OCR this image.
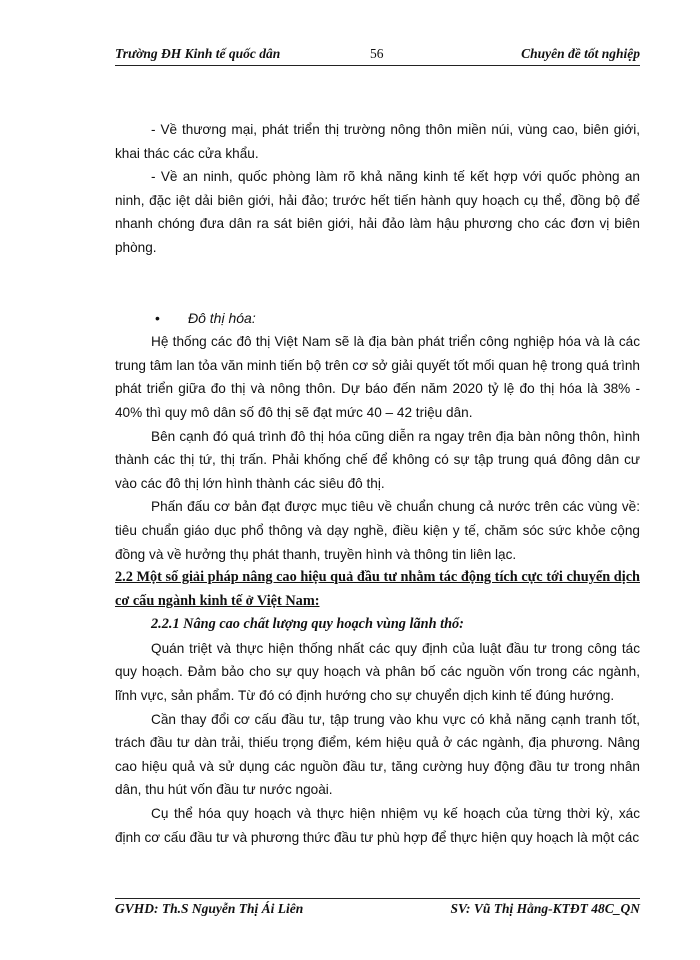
Trường ĐH Kinh tế quốc dân	56	Chuyên đề tốt nghiệp

- Về thương mại, phát triển thị trường nông thôn miền núi, vùng cao, biên giới, khai thác các cửa khẩu.

- Về an ninh, quốc phòng làm rõ khả năng kinh tế kết hợp với quốc phòng an ninh, đặc iệt dải biên giới, hải đảo; trước hết tiến hành quy hoạch cụ thể, đồng bộ để nhanh chóng đưa dân ra sát biên giới, hải đảo làm hậu phương cho các đơn vị biên phòng.

• Đô thị hóa:

Hệ thống các đô thị Việt Nam sẽ là địa bàn phát triển công nghiệp hóa và là các trung tâm lan tỏa văn minh tiến bộ trên cơ sở giải quyết tốt mối quan hệ trong quá trình phát triển giữa đo thị và nông thôn. Dự báo đến năm 2020 tỷ lệ đo thị hóa là 38% - 40% thì quy mô dân số đô thị sẽ đạt mức 40 – 42 triệu dân.

Bên cạnh đó quá trình đô thị hóa cũng diễn ra ngay trên địa bàn nông thôn, hình thành các thị tứ, thị trấn. Phải khống chế để không có sự tập trung quá đông dân cư vào các đô thị lớn hình thành các siêu đô thị.

Phấn đấu cơ bản đạt được mục tiêu về chuẩn chung cả nước trên các vùng về: tiêu chuẩn giáo dục phổ thông và dạy nghề, điều kiện y tế, chăm sóc sức khỏe cộng đồng và về hưởng thụ phát thanh, truyền hình và thông tin liên lạc.

2.2 Một số giải pháp nâng cao hiệu quả đầu tư nhằm tác động tích cực tới chuyển dịch cơ cấu ngành kinh tế ở Việt Nam:

2.2.1 Nâng cao chất lượng quy hoạch vùng lãnh thổ:

Quán triệt và thực hiện thống nhất các quy định của luật đầu tư trong công tác quy hoạch. Đảm bảo cho sự quy hoạch và phân bố các nguồn vốn trong các ngành, lĩnh vực, sản phẩm. Từ đó có định hướng cho sự chuyển dịch kinh tế đúng hướng.

Cần thay đổi cơ cấu đầu tư, tập trung vào khu vực có khả năng cạnh tranh tốt, trách đầu tư dàn trải, thiếu trọng điểm, kém hiệu quả ở các ngành, địa phương. Nâng cao hiệu quả và sử dụng các nguồn đầu tư, tăng cường huy động đầu tư trong nhân dân, thu hút vốn đầu tư nước ngoài.

Cụ thể hóa quy hoạch và thực hiện nhiệm vụ kế hoạch của từng thời kỳ, xác định cơ cấu đầu tư và phương thức đầu tư phù hợp để thực hiện quy hoạch là một các

GVHD: Th.S Nguyễn Thị Ái Liên	SV: Vũ Thị Hằng-KTĐT 48C_QN
